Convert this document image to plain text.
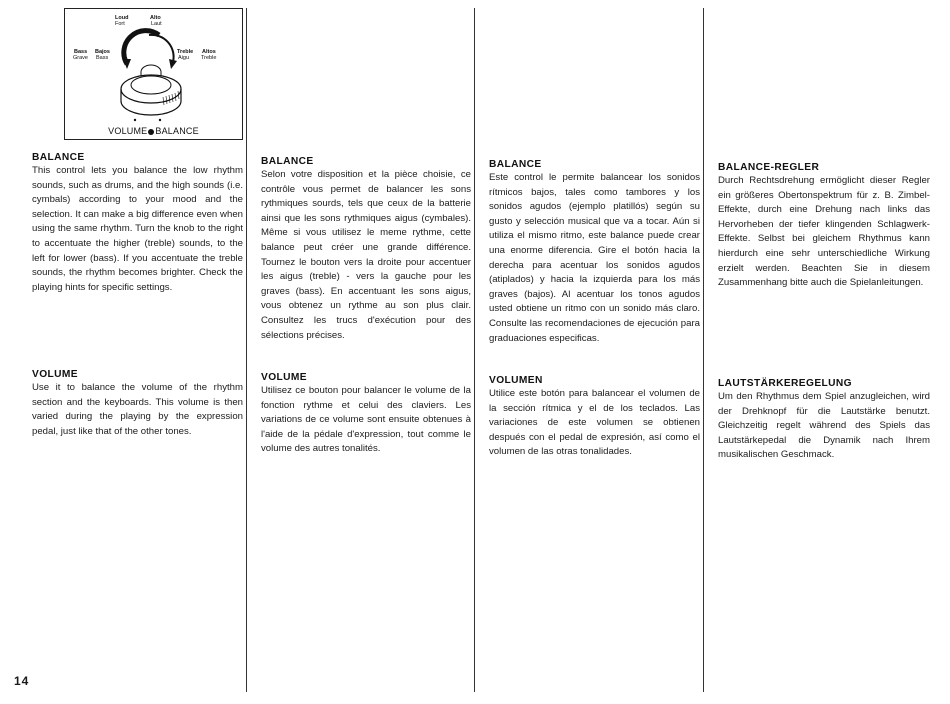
Loud
Fort
Alto
Laut
Bass
Grave
Bajos
Bass
Treble
Aigu
Altos
Treble
VOLUME BALANCE
BALANCE

This control lets you balance the low rhythm sounds, such as drums, and the high sounds (i.e. cymbals) according to your mood and the selection. It can make a big difference even when using the same rhythm. Turn the knob to the right to accentuate the higher (treble) sounds, to the left for lower (bass). If you accentuate the treble sounds, the rhythm becomes brighter. Check the playing hints for specific settings.

VOLUME

Use it to balance the volume of the rhythm section and the keyboards. This volume is then varied during the playing by the expression pedal, just like that of the other tones.

BALANCE

Selon votre disposition et la pièce choisie, ce contrôle vous permet de balancer les sons rythmiques sourds, tels que ceux de la batterie ainsi que les sons rythmiques aigus (cymbales). Même si vous utilisez le meme rythme, cette balance peut créer une grande différence. Tournez le bouton vers la droite pour accentuer les aigus (treble) - vers la gauche pour les graves (bass). En accentuant les sons aigus, vous obtenez un rythme au son plus clair. Consultez les trucs d'exécution pour des sélections précises.

VOLUME

Utilisez ce bouton pour balancer le volume de la fonction rythme et celui des claviers. Les variations de ce volume sont ensuite obtenues à l'aide de la pédale d'expression, tout comme le volume des autres tonalités.

BALANCE

Este control le permite balancear los sonidos rítmicos bajos, tales como tambores y los sonidos agudos (ejemplo platillós) según su gusto y selección musical que va a tocar. Aún si utiliza el mismo ritmo, este balance puede crear una enorme diferencia. Gire el botón hacia la derecha para acentuar los sonidos agudos (atiplados) y hacia la izquierda para los más graves (bajos). Al acentuar los tonos agudos usted obtiene un ritmo con un sonido más claro. Consulte las recomendaciones de ejecución para graduaciones especificas.

VOLUMEN

Utilice este botón para balancear el volumen de la sección rítmica y el de los teclados. Las variaciones de este volumen se obtienen después con el pedal de expresión, así como el volumen de las otras tonalidades.

BALANCE-REGLER

Durch Rechtsdrehung ermöglicht dieser Regler ein größeres Obertonspektrum für z. B. Zimbel-Effekte, durch eine Drehung nach links das Hervorheben der tiefer klingenden Schlagwerk-Effekte. Selbst bei gleichem Rhythmus kann hierdurch eine sehr unterschiedliche Wirkung erzielt werden. Beachten Sie in diesem Zusammenhang bitte auch die Spielanleitungen.

LAUTSTÄRKEREGELUNG

Um den Rhythmus dem Spiel anzugleichen, wird der Drehknopf für die Lautstärke benutzt. Gleichzeitig regelt während des Spiels das Lautstärkepedal die Dynamik nach Ihrem musikalischen Geschmack.

14
